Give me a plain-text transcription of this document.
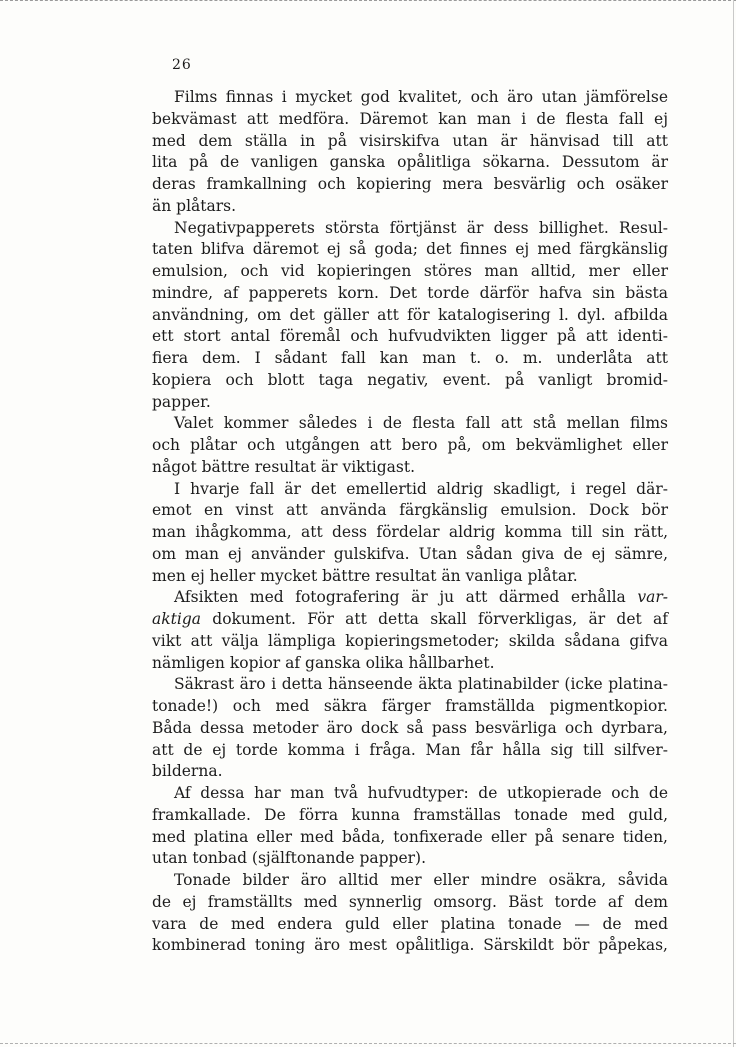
26
Films finnas i mycket god kvalitet, och äro utan jämförelse
bekvämast att medföra. Däremot kan man i de flesta fall ej
med dem ställa in på visirskifva utan är hänvisad till att
lita på de vanligen ganska opålitliga sökarna. Dessutom är
deras framkallning och kopiering mera besvärlig och osäker
än plåtars.
Negativpapperets största förtjänst är dess billighet. Resul-
taten blifva däremot ej så goda; det finnes ej med färgkänslig
emulsion, och vid kopieringen störes man alltid, mer eller
mindre, af papperets korn. Det torde därför hafva sin bästa
användning, om det gäller att för katalogisering l. dyl. afbilda
ett stort antal föremål och hufvudvikten ligger på att identi-
fiera dem. I sådant fall kan man t. o. m. underlåta att
kopiera och blott taga negativ, event. på vanligt bromid-
papper.
Valet kommer således i de flesta fall att stå mellan films
och plåtar och utgången att bero på, om bekvämlighet eller
något bättre resultat är viktigast.
I hvarje fall är det emellertid aldrig skadligt, i regel där-
emot en vinst att använda färgkänslig emulsion. Dock bör
man ihågkomma, att dess fördelar aldrig komma till sin rätt,
om man ej använder gulskifva. Utan sådan giva de ej sämre,
men ej heller mycket bättre resultat än vanliga plåtar.
Afsikten med fotografering är ju att därmed erhålla var-
aktiga dokument. För att detta skall förverkligas, är det af
vikt att välja lämpliga kopieringsmetoder; skilda sådana gifva
nämligen kopior af ganska olika hållbarhet.
Säkrast äro i detta hänseende äkta platinabilder (icke platina-
tonade!) och med säkra färger framställda pigmentkopior.
Båda dessa metoder äro dock så pass besvärliga och dyrbara,
att de ej torde komma i fråga. Man får hålla sig till silfver-
bilderna.
Af dessa har man två hufvudtyper: de utkopierade och de
framkallade. De förra kunna framställas tonade med guld,
med platina eller med båda, tonfixerade eller på senare tiden,
utan tonbad (själftonande papper).
Tonade bilder äro alltid mer eller mindre osäkra, såvida
de ej framställts med synnerlig omsorg. Bäst torde af dem
vara de med endera guld eller platina tonade — de med
kombinerad toning äro mest opålitliga. Särskildt bör påpekas,
